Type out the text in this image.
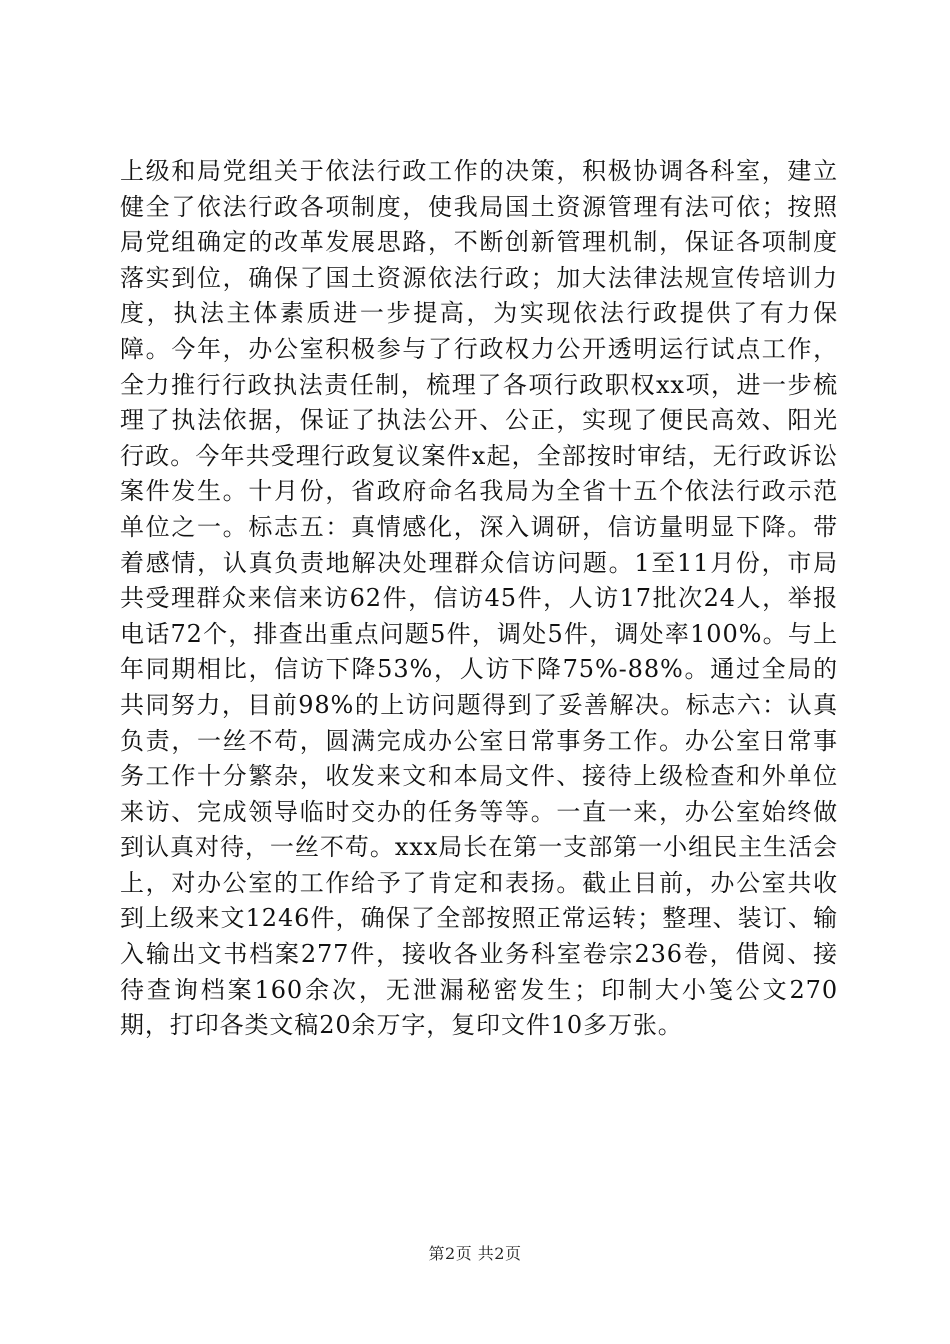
上级和局党组关于依法行政工作的决策，积极协调各科室，建立健全了依法行政各项制度，使我局国土资源管理有法可依；按照局党组确定的改革发展思路，不断创新管理机制，保证各项制度落实到位，确保了国土资源依法行政；加大法律法规宣传培训力度，执法主体素质进一步提高，为实现依法行政提供了有力保障。今年，办公室积极参与了行政权力公开透明运行试点工作，全力推行行政执法责任制，梳理了各项行政职权xx项，进一步梳理了执法依据，保证了执法公开、公正，实现了便民高效、阳光行政。今年共受理行政复议案件x起，全部按时审结，无行政诉讼案件发生。十月份，省政府命名我局为全省十五个依法行政示范单位之一。标志五：真情感化，深入调研，信访量明显下降。带着感情，认真负责地解决处理群众信访问题。1至11月份，市局共受理群众来信来访62件，信访45件，人访17批次24人，举报电话72个，排查出重点问题5件，调处5件，调处率100%。与上年同期相比，信访下降53%，人访下降75%-88%。通过全局的共同努力，目前98%的上访问题得到了妥善解决。标志六：认真负责，一丝不苟，圆满完成办公室日常事务工作。办公室日常事务工作十分繁杂，收发来文和本局文件、接待上级检查和外单位来访、完成领导临时交办的任务等等。一直一来，办公室始终做到认真对待，一丝不苟。xxx局长在第一支部第一小组民主生活会上，对办公室的工作给予了肯定和表扬。截止目前，办公室共收到上级来文1246件，确保了全部按照正常运转；整理、装订、输入输出文书档案277件，接收各业务科室卷宗236卷，借阅、接待查询档案160余次，无泄漏秘密发生；印制大小笺公文270期，打印各类文稿20余万字，复印文件10多万张。

第2页 共2页
